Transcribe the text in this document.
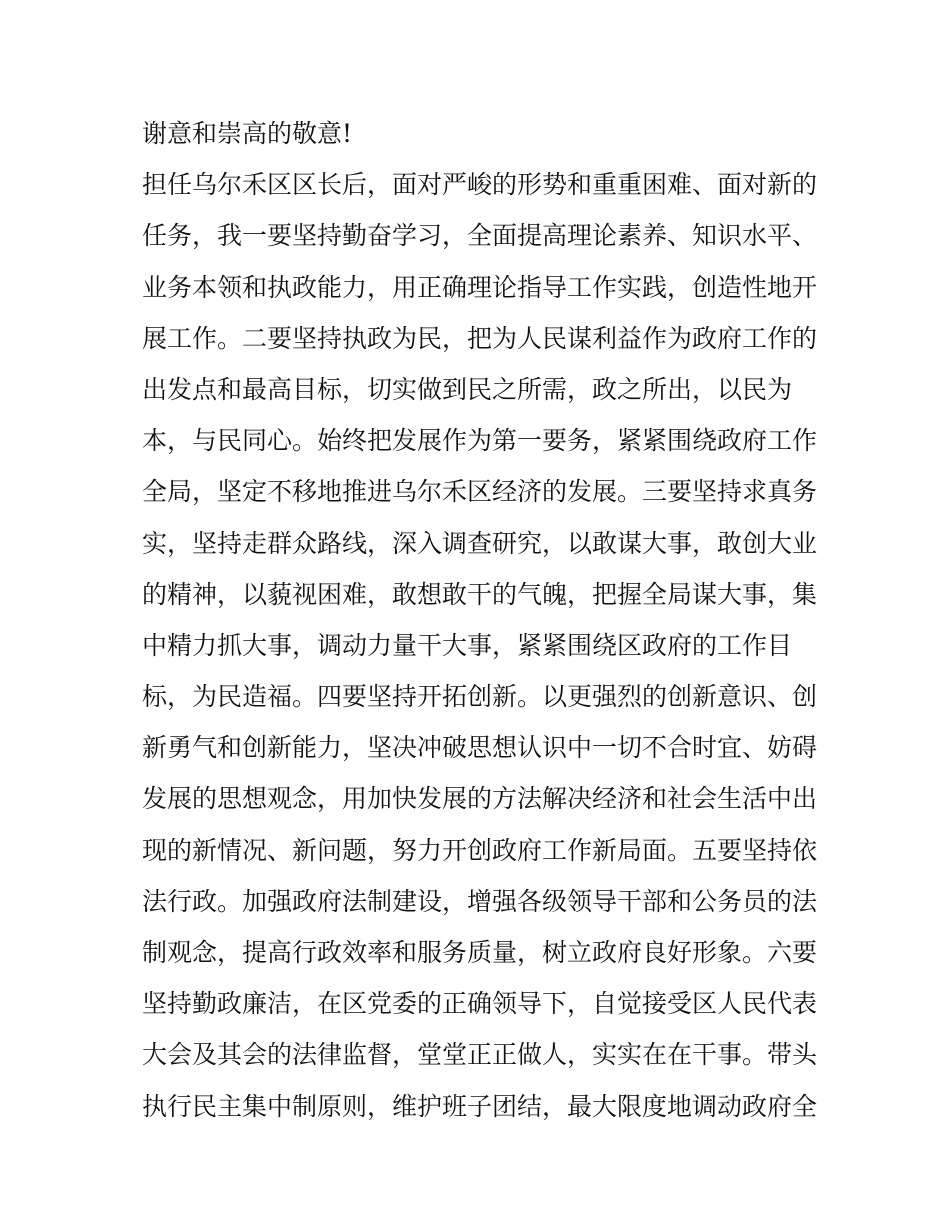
谢意和崇高的敬意!
担任乌尔禾区区长后，面对严峻的形势和重重困难、面对新的
任务，我一要坚持勤奋学习，全面提高理论素养、知识水平、
业务本领和执政能力，用正确理论指导工作实践，创造性地开
展工作。二要坚持执政为民，把为人民谋利益作为政府工作的
出发点和最高目标，切实做到民之所需，政之所出，以民为
本，与民同心。始终把发展作为第一要务，紧紧围绕政府工作
全局，坚定不移地推进乌尔禾区经济的发展。三要坚持求真务
实，坚持走群众路线，深入调查研究，以敢谋大事，敢创大业
的精神，以藐视困难，敢想敢干的气魄，把握全局谋大事，集
中精力抓大事，调动力量干大事，紧紧围绕区政府的工作目
标，为民造福。四要坚持开拓创新。以更强烈的创新意识、创
新勇气和创新能力，坚决冲破思想认识中一切不合时宜、妨碍
发展的思想观念，用加快发展的方法解决经济和社会生活中出
现的新情况、新问题，努力开创政府工作新局面。五要坚持依
法行政。加强政府法制建设，增强各级领导干部和公务员的法
制观念，提高行政效率和服务质量，树立政府良好形象。六要
坚持勤政廉洁，在区党委的正确领导下，自觉接受区人民代表
大会及其会的法律监督，堂堂正正做人，实实在在干事。带头
执行民主集中制原则，维护班子团结，最大限度地调动政府全
